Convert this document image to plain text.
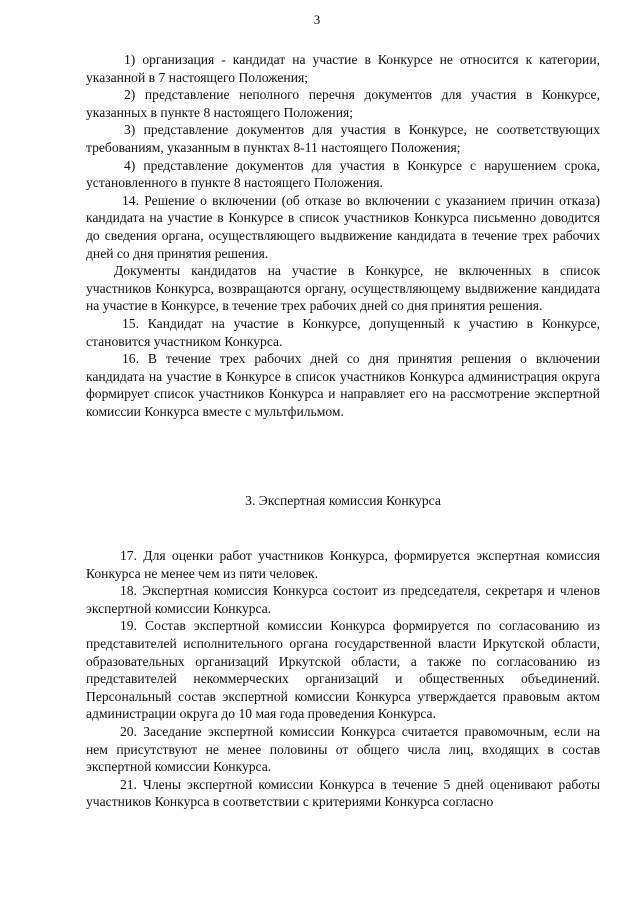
3

1) организация - кандидат на участие в Конкурсе не относится к категории, указанной в 7 настоящего Положения;

2) представление неполного перечня документов для участия в Конкурсе, указанных в пункте 8 настоящего Положения;

3) представление документов для участия в Конкурсе, не соответствующих требованиям, указанным в пунктах 8-11 настоящего Положения;

4) представление документов для участия в Конкурсе с нарушением срока, установленного в пункте 8 настоящего Положения.

14. Решение о включении (об отказе во включении с указанием причин отказа) кандидата на участие в Конкурсе в список участников Конкурса письменно доводится до сведения органа, осуществляющего выдвижение кандидата в течение трех рабочих дней со дня принятия решения.

Документы кандидатов на участие в Конкурсе, не включенных в список участников Конкурса, возвращаются органу, осуществляющему выдвижение кандидата на участие в Конкурсе, в течение трех рабочих дней со дня принятия решения.

15. Кандидат на участие в Конкурсе, допущенный к участию в Конкурсе, становится участником Конкурса.

16. В течение трех рабочих дней со дня принятия решения о включении кандидата на участие в Конкурсе в список участников Конкурса администрация округа формирует список участников Конкурса и направляет его на рассмотрение экспертной комиссии Конкурса вместе с мультфильмом.

3. Экспертная комиссия Конкурса

17. Для оценки работ участников Конкурса, формируется экспертная комиссия Конкурса не менее чем из пяти человек.

18. Экспертная комиссия Конкурса состоит из председателя, секретаря и членов экспертной комиссии Конкурса.

19. Состав экспертной комиссии Конкурса формируется по согласованию из представителей исполнительного органа государственной власти Иркутской области, образовательных организаций Иркутской области, а также по согласованию из представителей некоммерческих организаций и общественных объединений. Персональный состав экспертной комиссии Конкурса утверждается правовым актом администрации округа до 10 мая года проведения Конкурса.

20. Заседание экспертной комиссии Конкурса считается правомочным, если на нем присутствуют не менее половины от общего числа лиц, входящих в состав экспертной комиссии Конкурса.

21. Члены экспертной комиссии Конкурса в течение 5 дней оценивают работы участников Конкурса в соответствии с критериями Конкурса согласно
